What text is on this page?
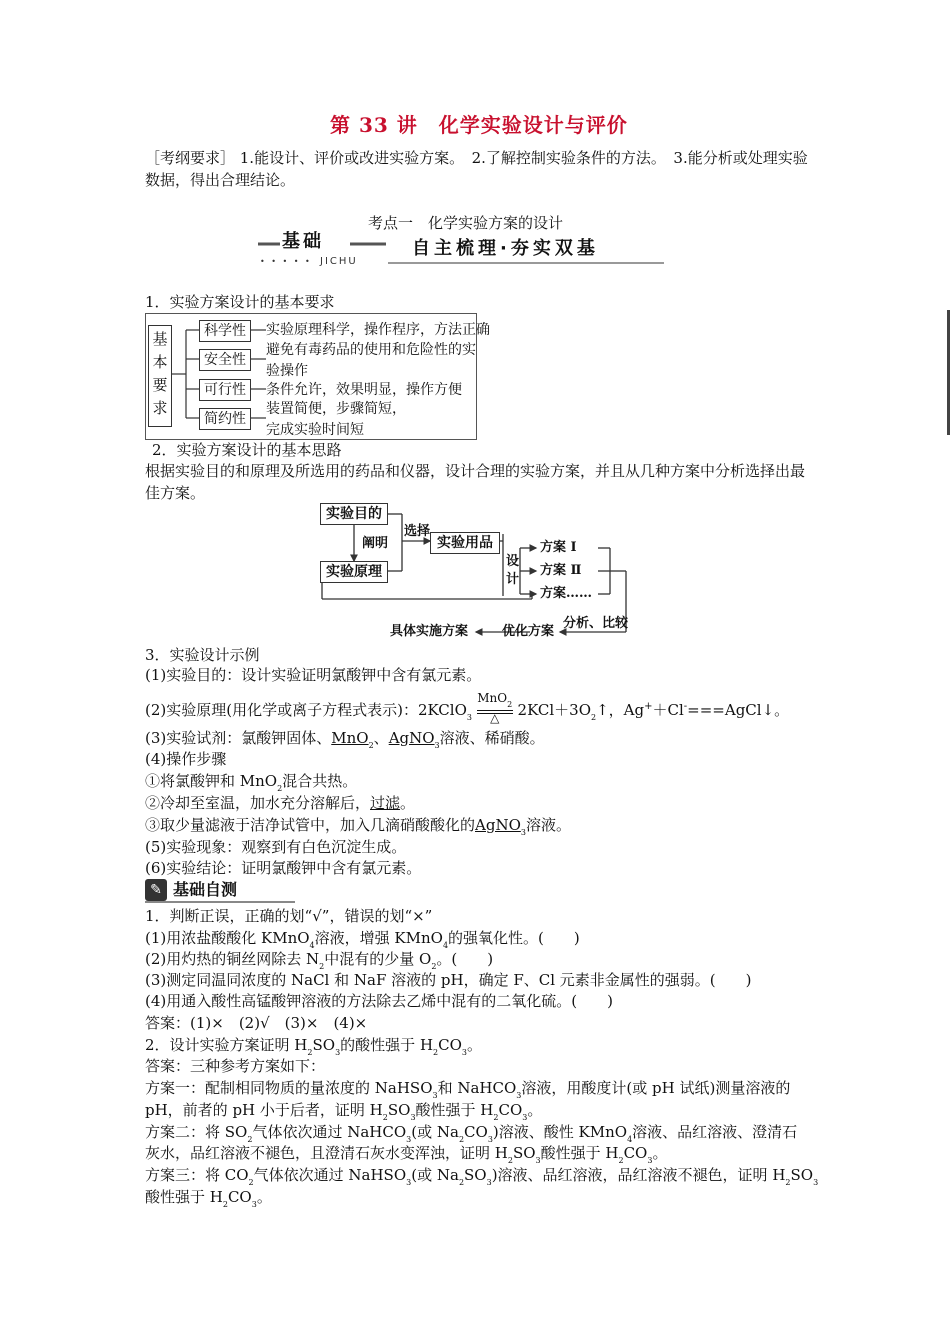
第 33 讲　化学实验设计与评价
［考纲要求］ 1.能设计、评价或改进实验方案。　2.了解控制实验条件的方法。　3.能分析或处理实验数据，得出合理结论。
考点一　化学实验方案的设计
基础
• • • • • JICHU
自主梳理·夯实双基
1．实验方案设计的基本要求
基本要求
科学性
安全性
可行性
简约性
实验原理科学，操作程序，方法正确
避免有毒药品的使用和危险性的实
验操作
条件允许，效果明显，操作方便
装置简便，步骤简短，
完成实验时间短
2．实验方案设计的基本思路
根据实验目的和原理及所选用的药品和仪器，设计合理的实验方案，并且从几种方案中分析选择出最佳方案。
实验目的
实验原理
实验用品
阐明
选择
设计
方案 Ⅰ
方案 Ⅱ
方案……
分析、比较
优化方案
具体实施方案
3．实验设计示例
(1)实验目的：设计实验证明氯酸钾中含有氯元素。
(2)实验原理(用化学或离子方程式表示)：2KClO$_3$
MnO$_2$
△	$2KCl+3O_2↑$，Ag+＋Cl-===AgCl↓。
(3)实验试剂：氯酸钾固体、MnO$_2$、AgNO$_3$溶液、稀硝酸。
(4)操作步骤
①将氯酸钾和 MnO$_2$混合共热。
②冷却至室温，加水充分溶解后，过滤。
③取少量滤液于洁净试管中，加入几滴硝酸酸化的AgNO$_3$溶液。
(5)实验现象：观察到有白色沉淀生成。
(6)实验结论：证明氯酸钾中含有氯元素。
✎ 基础自测
1．判断正误，正确的划“√”，错误的划“×”
(1)用浓盐酸酸化 KMnO$_4$溶液，增强 KMnO$_4$的强氧化性。(　　)
(2)用灼热的铜丝网除去 $N_2$中混有的少量 $O_2$。(　　)
(3)测定同温同浓度的 NaCl 和 NaF 溶液的 pH，确定 F、Cl 元素非金属性的强弱。(　　)
(4)用通入酸性高锰酸钾溶液的方法除去乙烯中混有的二氧化硫。(　　)
答案：(1)×　(2)√　(3)×　(4)×
2．设计实验方案证明 $H_2SO_3$的酸性强于 $H_2CO_3$。
答案：三种参考方案如下：
方案一：配制相同物质的量浓度的 NaHSO$_3$和 NaHCO$_3$溶液，用酸度计(或 pH 试纸)测量溶液的
pH，前者的 pH 小于后者，证明 $H_2SO_3$酸性强于 $H_2CO_3$。
方案二：将 $SO_2$气体依次通过 NaHCO$_3$(或 $Na_2CO_3$)溶液、酸性 KMnO$_4$溶液、品红溶液、澄清石
灰水，品红溶液不褪色，且澄清石灰水变浑浊，证明 $H_2SO_3$酸性强于 $H_2CO_3$。
方案三：将 $CO_2$气体依次通过 NaHSO$_3$(或 $Na_2SO_3$)溶液、品红溶液，品红溶液不褪色，证明 $H_2SO_3$
酸性强于 $H_2CO_3$。
